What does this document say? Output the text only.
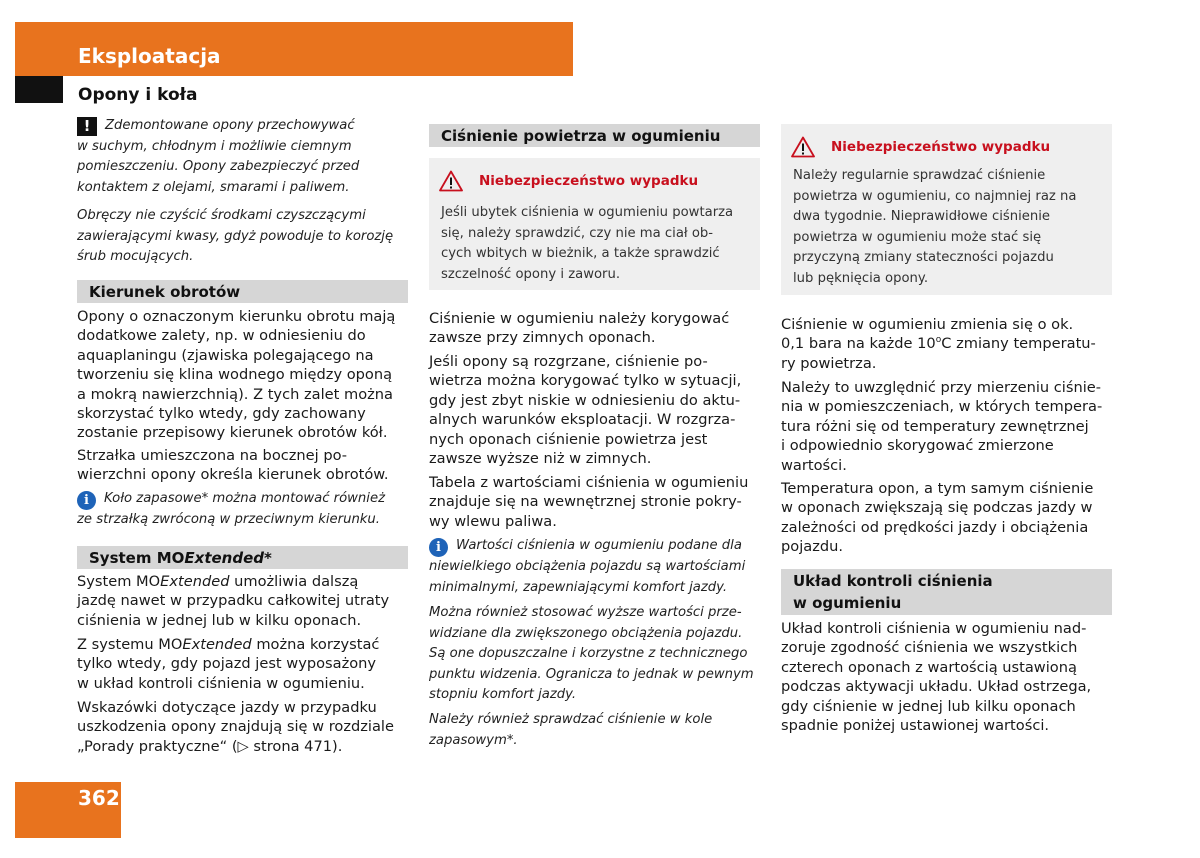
Eksploatacja
Opony i koła
! Zdemontowane opony przechowywać
w suchym, chłodnym i możliwie ciemnym
pomieszczeniu. Opony zabezpieczyć przed
kontaktem z olejami, smarami i paliwem.
Obręczy nie czyścić środkami czyszczącymi
zawierającymi kwasy, gdyż powoduje to korozję
śrub mocujących.
Kierunek obrotów
Opony o oznaczonym kierunku obrotu mają
dodatkowe zalety, np. w odniesieniu do
aquaplaningu (zjawiska polegającego na
tworzeniu się klina wodnego między oponą
a mokrą nawierzchnią). Z tych zalet można
skorzystać tylko wtedy, gdy zachowany
zostanie przepisowy kierunek obrotów kół.
Strzałka umieszczona na bocznej po-
wierzchni opony określa kierunek obrotów.
i Koło zapasowe* można montować również
ze strzałką zwróconą w przeciwnym kierunku.
System MOExtended*
System MOExtended umożliwia dalszą
jazdę nawet w przypadku całkowitej utraty
ciśnienia w jednej lub w kilku oponach.
Z systemu MOExtended można korzystać
tylko wtedy, gdy pojazd jest wyposażony
w układ kontroli ciśnienia w ogumieniu.
Wskazówki dotyczące jazdy w przypadku
uszkodzenia opony znajdują się w rozdziale
„Porady praktyczne“ (▷ strona 471).
Ciśnienie powietrza w ogumieniu
Niebezpieczeństwo wypadku
Jeśli ubytek ciśnienia w ogumieniu powtarza
się, należy sprawdzić, czy nie ma ciał ob-
cych wbitych w bieżnik, a także sprawdzić
szczelność opony i zaworu.
Ciśnienie w ogumieniu należy korygować
zawsze przy zimnych oponach.
Jeśli opony są rozgrzane, ciśnienie po-
wietrza można korygować tylko w sytuacji,
gdy jest zbyt niskie w odniesieniu do aktu-
alnych warunków eksploatacji. W rozgrza-
nych oponach ciśnienie powietrza jest
zawsze wyższe niż w zimnych.
Tabela z wartościami ciśnienia w ogumieniu
znajduje się na wewnętrznej stronie pokry-
wy wlewu paliwa.
i Wartości ciśnienia w ogumieniu podane dla
niewielkiego obciążenia pojazdu są wartościami
minimalnymi, zapewniającymi komfort jazdy.
Można również stosować wyższe wartości prze-
widziane dla zwiększonego obciążenia pojazdu.
Są one dopuszczalne i korzystne z technicznego
punktu widzenia. Ogranicza to jednak w pewnym
stopniu komfort jazdy.
Należy również sprawdzać ciśnienie w kole
zapasowym*.
Niebezpieczeństwo wypadku
Należy regularnie sprawdzać ciśnienie
powietrza w ogumieniu, co najmniej raz na
dwa tygodnie. Nieprawidłowe ciśnienie
powietrza w ogumieniu może stać się
przyczyną zmiany stateczności pojazdu
lub pęknięcia opony.
Ciśnienie w ogumieniu zmienia się o ok.
0,1 bara na każde 10$^o$C zmiany temperatu-
ry powietrza.
Należy to uwzględnić przy mierzeniu ciśnie-
nia w pomieszczeniach, w których tempera-
tura różni się od temperatury zewnętrznej
i odpowiednio skorygować zmierzone
wartości.
Temperatura opon, a tym samym ciśnienie
w oponach zwiększają się podczas jazdy w
zależności od prędkości jazdy i obciążenia
pojazdu.
Układ kontroli ciśnienia
w ogumieniu
Układ kontroli ciśnienia w ogumieniu nad-
zoruje zgodność ciśnienia we wszystkich
czterech oponach z wartością ustawioną
podczas aktywacji układu. Układ ostrzega,
gdy ciśnienie w jednej lub kilku oponach
spadnie poniżej ustawionej wartości.
362
